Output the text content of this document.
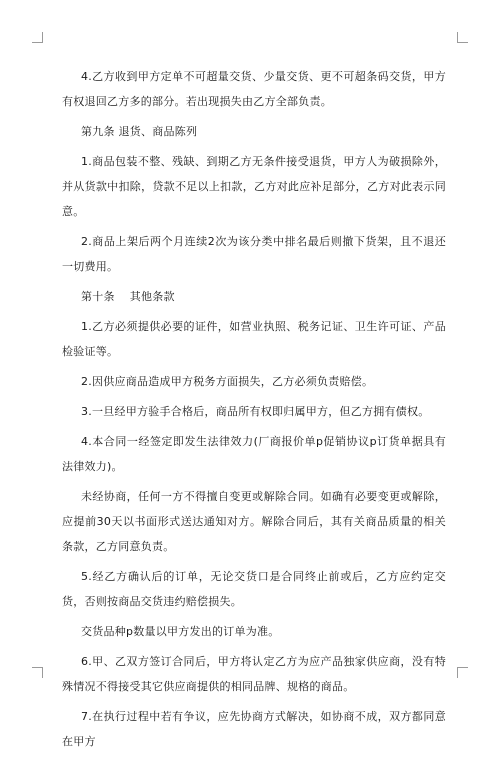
4.乙方收到甲方定单不可超量交货、少量交货、更不可超条码交货，甲方有权退回乙方多的部分。若出现损失由乙方全部负责。

第九条 退货、商品陈列

1.商品包装不整、残缺、到期乙方无条件接受退货，甲方人为破损除外，并从货款中扣除，贷款不足以上扣款，乙方对此应补足部分，乙方对此表示同意。

2.商品上架后两个月连续2次为该分类中排名最后则撤下货架，且不退还一切费用。

第十条　 其他条款

1.乙方必须提供必要的证件，如营业执照、税务记证、卫生许可证、产品检验证等。

2.因供应商品造成甲方税务方面损失，乙方必须负责赔偿。

3.一旦经甲方验手合格后，商品所有权即归属甲方，但乙方拥有债权。

4.本合同一经签定即发生法律效力(厂商报价单p促销协议p订货单据具有法律效力)。

未经协商，任何一方不得擅自变更或解除合同。如确有必要变更或解除，应提前30天以书面形式送达通知对方。解除合同后，其有关商品质量的相关条款，乙方同意负责。

5.经乙方确认后的订单，无论交货口是合同终止前或后，乙方应约定交货，否则按商品交货违约赔偿损失。

交货品种p数量以甲方发出的订单为准。

6.甲、乙双方签订合同后，甲方将认定乙方为应产品独家供应商，没有特殊情况不得接受其它供应商提供的相同品牌、规格的商品。

7.在执行过程中若有争议，应先协商方式解决，如协商不成，双方都同意在甲方
